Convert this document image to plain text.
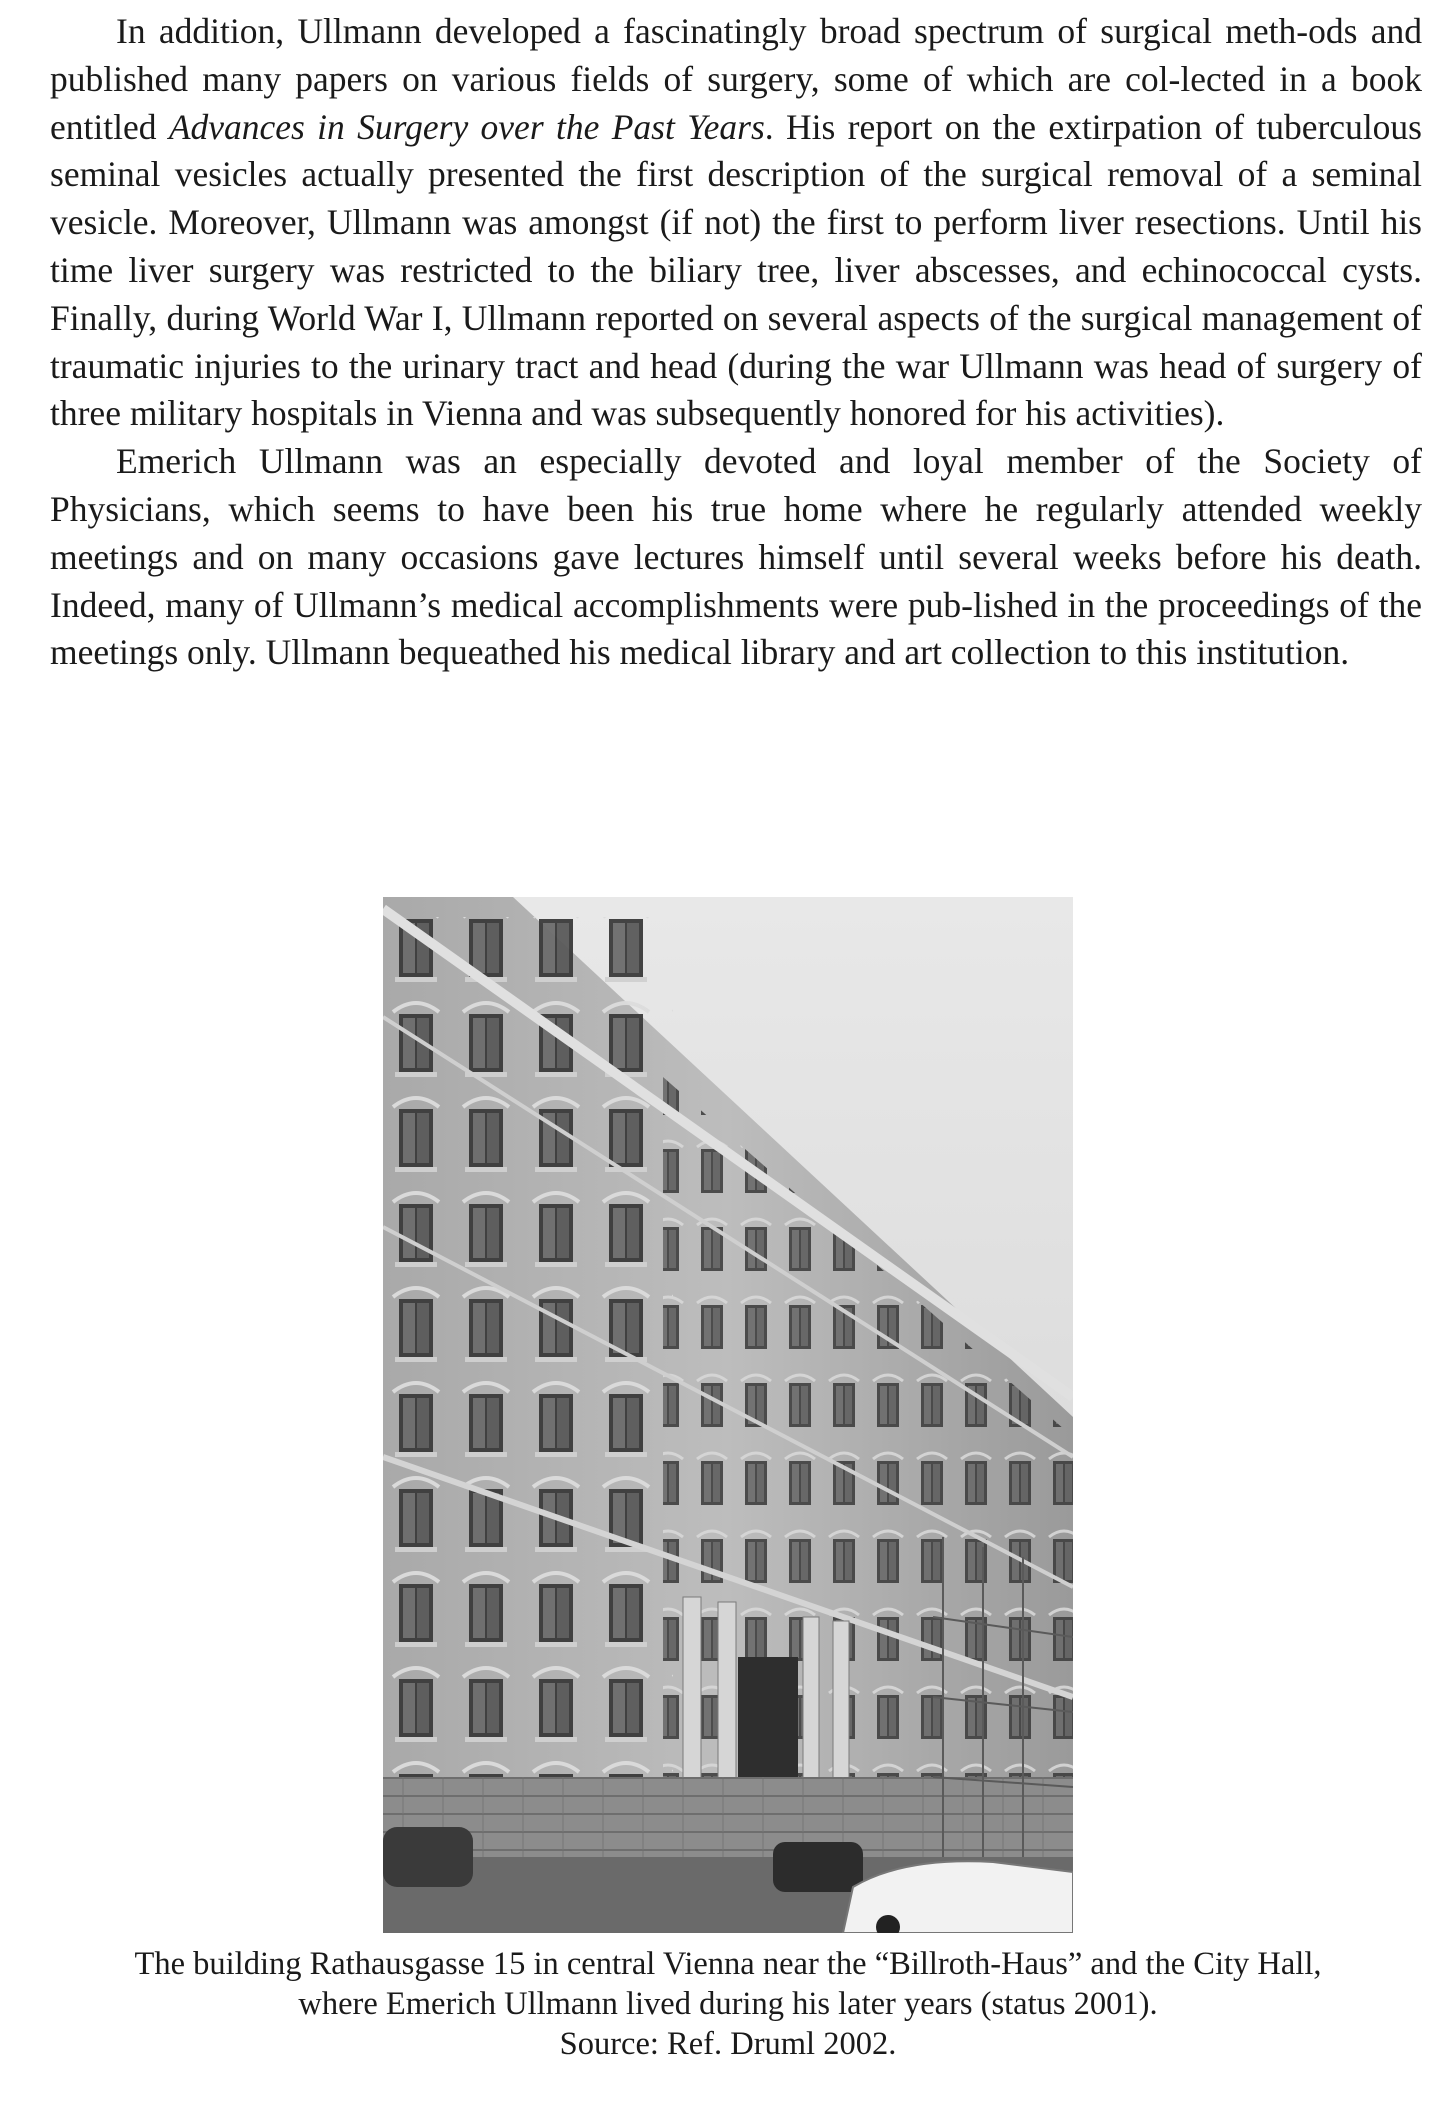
In addition, Ullmann developed a fascinatingly broad spectrum of surgical meth-ods and published many papers on various fields of surgery, some of which are col-lected in a book entitled Advances in Surgery over the Past Years. His report on the extirpation of tuberculous seminal vesicles actually presented the first description of the surgical removal of a seminal vesicle. Moreover, Ullmann was amongst (if not) the first to perform liver resections. Until his time liver surgery was restricted to the biliary tree, liver abscesses, and echinococcal cysts. Finally, during World War I, Ullmann reported on several aspects of the surgical management of traumatic injuries to the urinary tract and head (during the war Ullmann was head of surgery of three military hospitals in Vienna and was subsequently honored for his activities).

Emerich Ullmann was an especially devoted and loyal member of the Society of Physicians, which seems to have been his true home where he regularly attended weekly meetings and on many occasions gave lectures himself until several weeks before his death. Indeed, many of Ullmann’s medical accomplishments were pub-lished in the proceedings of the meetings only. Ullmann bequeathed his medical library and art collection to this institution.

The building Rathausgasse 15 in central Vienna near the “Billroth-Haus” and the City Hall,
where Emerich Ullmann lived during his later years (status 2001).
Source: Ref. Druml 2002.
